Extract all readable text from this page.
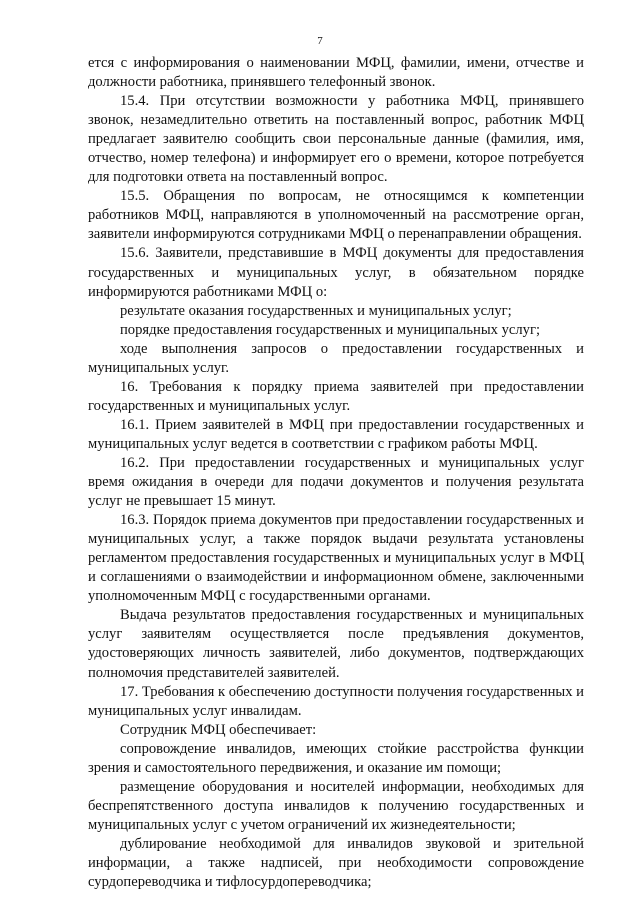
7

ется с информирования о наименовании МФЦ, фамилии, имени, отчестве и должности работника, принявшего телефонный звонок.

15.4. При отсутствии возможности у работника МФЦ, принявшего звонок, незамедлительно ответить на поставленный вопрос, работник МФЦ предлагает заявителю сообщить свои персональные данные (фамилия, имя, отчество, номер телефона) и информирует его о времени, которое потребуется для подготовки ответа на поставленный вопрос.

15.5. Обращения по вопросам, не относящимся к компетенции работников МФЦ, направляются в уполномоченный на рассмотрение орган, заявители информируются сотрудниками МФЦ о перенаправлении обращения.

15.6. Заявители, представившие в МФЦ документы для предоставления государственных и муниципальных услуг, в обязательном порядке информируются работниками МФЦ о:

результате оказания государственных и муниципальных услуг;

порядке предоставления государственных и муниципальных услуг;

ходе выполнения запросов о предоставлении государственных и муниципальных услуг.

16. Требования к порядку приема заявителей при предоставлении государственных и муниципальных услуг.

16.1. Прием заявителей в МФЦ при предоставлении государственных и муниципальных услуг ведется в соответствии с графиком работы МФЦ.

16.2. При предоставлении государственных и муниципальных услуг время ожидания в очереди для подачи документов и получения результата услуг не превышает 15 минут.

16.3. Порядок приема документов при предоставлении государственных и муниципальных услуг, а также порядок выдачи результата установлены регламентом предоставления государственных и муниципальных услуг в МФЦ и соглашениями о взаимодействии и информационном обмене, заключенными уполномоченным МФЦ с государственными органами.

Выдача результатов предоставления государственных и муниципальных услуг заявителям осуществляется после предъявления документов, удостоверяющих личность заявителей, либо документов, подтверждающих полномочия представителей заявителей.

17. Требования к обеспечению доступности получения государственных и муниципальных услуг инвалидам.

Сотрудник МФЦ обеспечивает:

сопровождение инвалидов, имеющих стойкие расстройства функции зрения и самостоятельного передвижения, и оказание им помощи;

размещение оборудования и носителей информации, необходимых для беспрепятственного доступа инвалидов к получению государственных и муниципальных услуг с учетом ограничений их жизнедеятельности;

дублирование необходимой для инвалидов звуковой и зрительной информации, а также надписей, при необходимости сопровождение сурдопереводчика и тифлосурдопереводчика;
